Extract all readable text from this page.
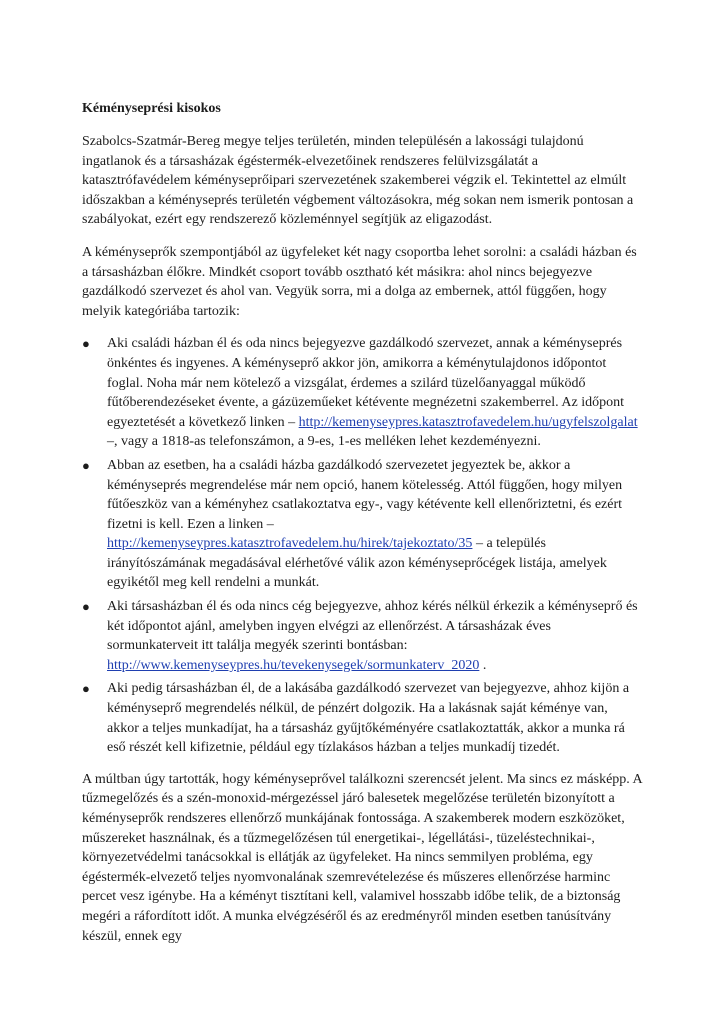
Kéményseprési kisokos

Szabolcs-Szatmár-Bereg megye teljes területén, minden településén a lakossági tulajdonú ingatlanok és a társasházak égéstermék-elvezetőinek rendszeres felülvizsgálatát a katasztrófavédelem kéményseprőipari szervezetének szakemberei végzik el. Tekintettel az elmúlt időszakban a kéményseprés területén végbement változásokra, még sokan nem ismerik pontosan a szabályokat, ezért egy rendszerező közleménnyel segítjük az eligazodást.

A kéményseprők szempontjából az ügyfeleket két nagy csoportba lehet sorolni: a családi házban és a társasházban élőkre. Mindkét csoport tovább osztható két másikra: ahol nincs bejegyezve gazdálkodó szervezet és ahol van. Vegyük sorra, mi a dolga az embernek, attól függően, hogy melyik kategóriába tartozik:

● Aki családi házban él és oda nincs bejegyezve gazdálkodó szervezet, annak a kéményseprés önkéntes és ingyenes. A kéményseprő akkor jön, amikorra a kéménytulajdonos időpontot foglal. Noha már nem kötelező a vizsgálat, érdemes a szilárd tüzelőanyaggal működő fűtőberendezéseket évente, a gázüzeműeket kétévente megnézetni szakemberrel. Az időpont egyeztetését a következő linken – http://kemenyseypres.katasztrofavedelem.hu/ugyfelszolgalat –, vagy a 1818-as telefonszámon, a 9-es, 1-es melléken lehet kezdeményezni.
● Abban az esetben, ha a családi házba gazdálkodó szervezetet jegyeztek be, akkor a kéményseprés megrendelése már nem opció, hanem kötelesség. Attól függően, hogy milyen fűtőeszköz van a kéményhez csatlakoztatva egy-, vagy kétévente kell ellenőriztetni, és ezért fizetni is kell. Ezen a linken – http://kemenyseypres.katasztrofavedelem.hu/hirek/tajekoztato/35 – a település irányítószámának megadásával elérhetővé válik azon kéményseprőcégek listája, amelyek egyikétől meg kell rendelni a munkát.
● Aki társasházban él és oda nincs cég bejegyezve, ahhoz kérés nélkül érkezik a kéményseprő és két időpontot ajánl, amelyben ingyen elvégzi az ellenőrzést. A társasházak éves sormunkaterveit itt találja megyék szerinti bontásban: http://www.kemenyseypres.hu/tevekenysegek/sormunkaterv_2020 .
● Aki pedig társasházban él, de a lakásába gazdálkodó szervezet van bejegyezve, ahhoz kijön a kéményseprő megrendelés nélkül, de pénzért dolgozik. Ha a lakásnak saját kéménye van, akkor a teljes munkadíjat, ha a társasház gyűjtőkéményére csatlakoztatták, akkor a munka rá eső részét kell kifizetnie, például egy tízlakásos házban a teljes munkadíj tizedét.

A múltban úgy tartották, hogy kéményseprővel találkozni szerencsét jelent. Ma sincs ez másképp. A tűzmegelőzés és a szén-monoxid-mérgezéssel járó balesetek megelőzése területén bizonyított a kéményseprők rendszeres ellenőrző munkájának fontossága. A szakemberek modern eszközöket, műszereket használnak, és a tűzmegelőzésen túl energetikai-, légellátási-, tüzeléstechnikai-, környezetvédelmi tanácsokkal is ellátják az ügyfeleket. Ha nincs semmilyen probléma, egy égéstermék-elvezető teljes nyomvonalának szemrevételezése és műszeres ellenőrzése harminc percet vesz igénybe. Ha a kéményt tisztítani kell, valamivel hosszabb időbe telik, de a biztonság megéri a ráfordított időt. A munka elvégzéséről és az eredményről minden esetben tanúsítvány készül, ennek egy
